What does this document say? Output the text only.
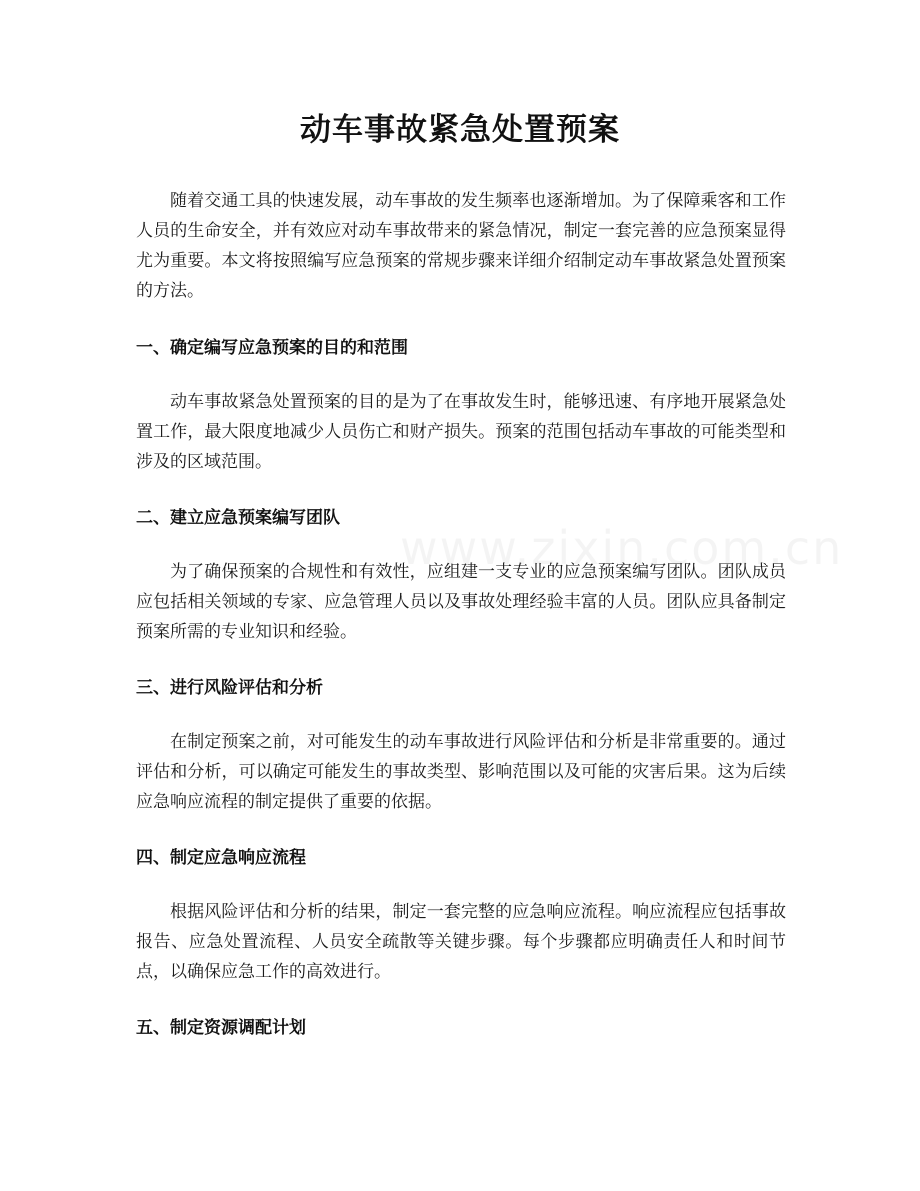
动车事故紧急处置预案

随着交通工具的快速发展，动车事故的发生频率也逐渐增加。为了保障乘客和工作人员的生命安全，并有效应对动车事故带来的紧急情况，制定一套完善的应急预案显得尤为重要。本文将按照编写应急预案的常规步骤来详细介绍制定动车事故紧急处置预案的方法。

一、确定编写应急预案的目的和范围

动车事故紧急处置预案的目的是为了在事故发生时，能够迅速、有序地开展紧急处置工作，最大限度地减少人员伤亡和财产损失。预案的范围包括动车事故的可能类型和涉及的区域范围。

二、建立应急预案编写团队

为了确保预案的合规性和有效性，应组建一支专业的应急预案编写团队。团队成员应包括相关领域的专家、应急管理人员以及事故处理经验丰富的人员。团队应具备制定预案所需的专业知识和经验。

三、进行风险评估和分析

在制定预案之前，对可能发生的动车事故进行风险评估和分析是非常重要的。通过评估和分析，可以确定可能发生的事故类型、影响范围以及可能的灾害后果。这为后续应急响应流程的制定提供了重要的依据。

四、制定应急响应流程

根据风险评估和分析的结果，制定一套完整的应急响应流程。响应流程应包括事故报告、应急处置流程、人员安全疏散等关键步骤。每个步骤都应明确责任人和时间节点，以确保应急工作的高效进行。

五、制定资源调配计划
